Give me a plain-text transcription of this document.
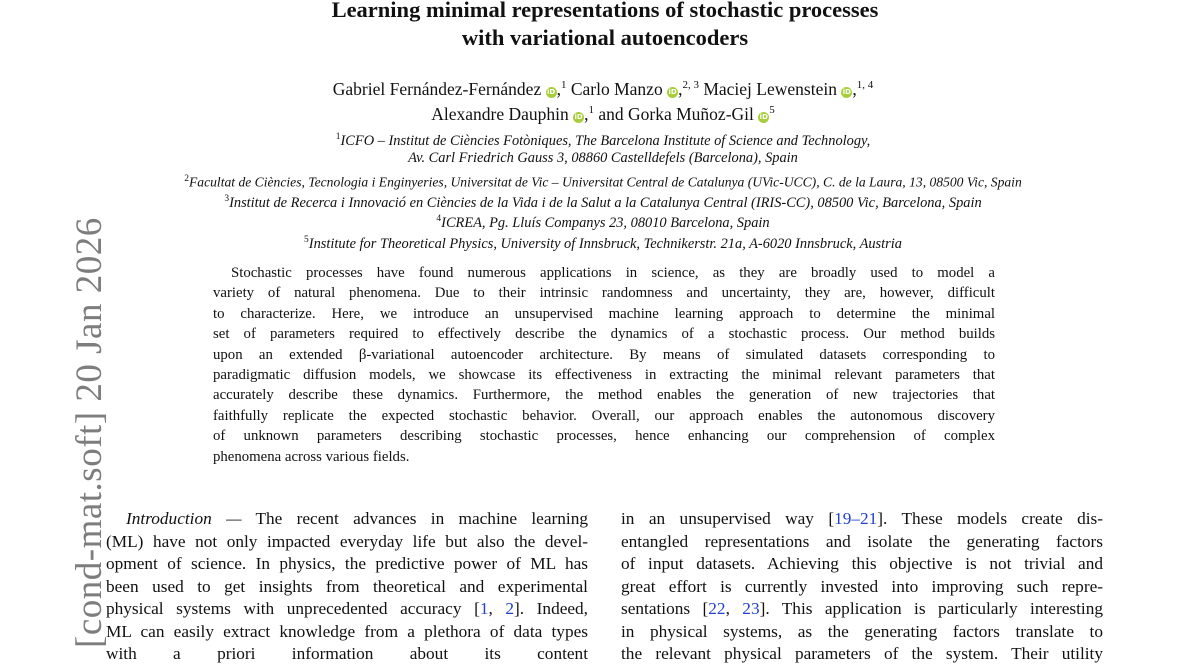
[cond-mat.soft] 20 Jan 2026
Learning minimal representations of stochastic processes
with variational autoencoders
Gabriel Fernández-Fernández iD,$^1$ Carlo Manzo iD,$^{2, 3}$ Maciej Lewenstein iD,$^{1, 4}$
Alexandre Dauphin iD,$^1$ and Gorka Muñoz-Gil $iD^5$
$^1$ICFO – Institut de Ciències Fotòniques, The Barcelona Institute of Science and Technology,
Av. Carl Friedrich Gauss 3, 08860 Castelldefels (Barcelona), Spain
$^2$Facultat de Ciències, Tecnologia i Enginyeries, Universitat de Vic – Universitat Central de Catalunya (UVic-UCC), C. de la Laura, 13, 08500 Vic, Spain
$^3$Institut de Recerca i Innovació en Ciències de la Vida i de la Salut a la Catalunya Central (IRIS-CC), 08500 Vic, Barcelona, Spain
$^4$ICREA, Pg. Lluís Companys 23, 08010 Barcelona, Spain
$^5$Institute for Theoretical Physics, University of Innsbruck, Technikerstr. 21a, A-6020 Innsbruck, Austria
Stochastic processes have found numerous applications in science, as they are broadly used to model a
variety of natural phenomena. Due to their intrinsic randomness and uncertainty, they are, however, difficult
to characterize. Here, we introduce an unsupervised machine learning approach to determine the minimal
set of parameters required to effectively describe the dynamics of a stochastic process. Our method builds
upon an extended β-variational autoencoder architecture. By means of simulated datasets corresponding to
paradigmatic diffusion models, we showcase its effectiveness in extracting the minimal relevant parameters that
accurately describe these dynamics. Furthermore, the method enables the generation of new trajectories that
faithfully replicate the expected stochastic behavior. Overall, our approach enables the autonomous discovery
of unknown parameters describing stochastic processes, hence enhancing our comprehension of complex
phenomena across various fields.
Introduction — The recent advances in machine learning
(ML) have not only impacted everyday life but also the devel-
opment of science. In physics, the predictive power of ML has
been used to get insights from theoretical and experimental
physical systems with unprecedented accuracy [1, 2]. Indeed,
ML can easily extract knowledge from a plethora of data types
with a priori information about its content
in an unsupervised way [19–21]. These models create dis-
entangled representations and isolate the generating factors
of input datasets. Achieving this objective is not trivial and
great effort is currently invested into improving such repre-
sentations [22, 23]. This application is particularly interesting
in physical systems, as the generating factors translate to
the relevant physical parameters of the system. Their utility
